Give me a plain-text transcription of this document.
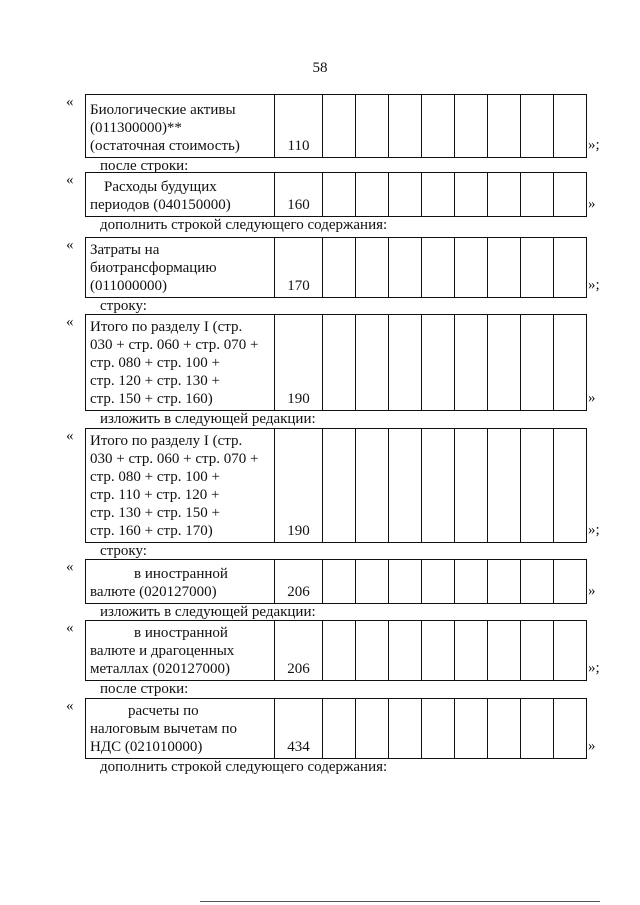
58
« Биологические активы
(011300000)**
(остаточная стоимость)	110									»;
после строки:
«	Расходы будущих
периодов (040150000)	160									»
дополнить строкой следующего содержания:
« Затраты на
биотрансформацию
(011000000)	170									»;
строку:
« Итого по разделу I (стр.
030 + стр. 060 + стр. 070 +
стр. 080 + стр. 100 +
стр. 120 + стр. 130 +
стр. 150 + стр. 160)	190									»
изложить в следующей редакции:
« Итого по разделу I (стр.
030 + стр. 060 + стр. 070 +
стр. 080 + стр. 100 +
стр. 110 + стр. 120 +
стр. 130 + стр. 150 +
стр. 160 + стр. 170)	190									»;
строку:
«	в иностранной
валюте (020127000)	206									»
изложить в следующей редакции:
«	в иностранной
валюте и драгоценных
металлах (020127000)	206									»;
после строки:
«	расчеты по
налоговым вычетам по
НДС (021010000)	434									»
дополнить строкой следующего содержания:
